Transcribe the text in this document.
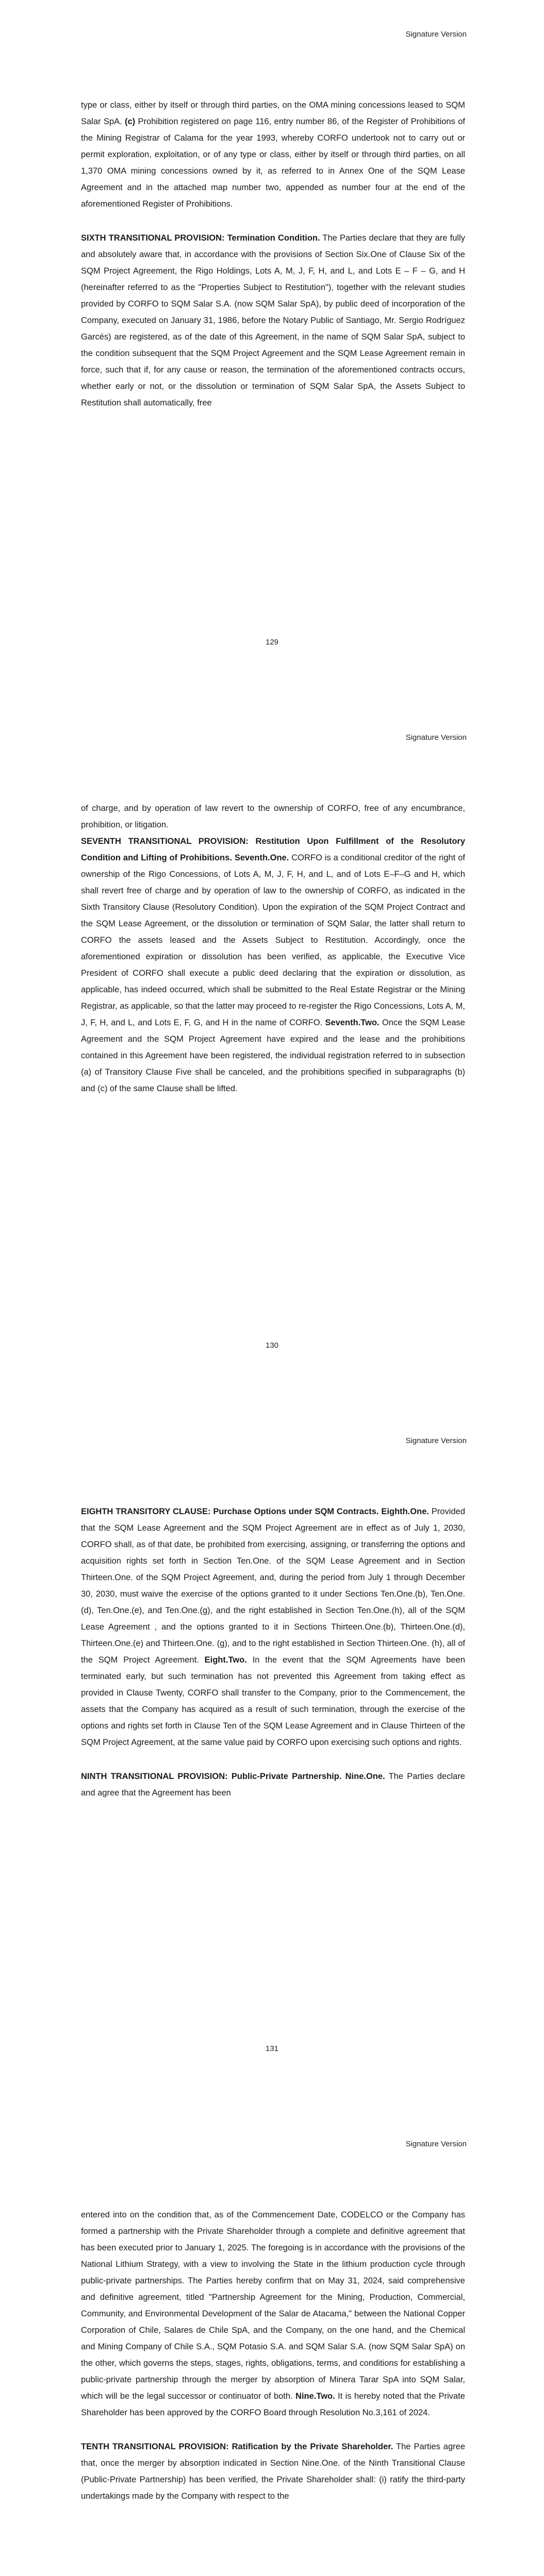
Signature Version

type or class, either by itself or through third parties, on the OMA mining concessions leased to SQM Salar SpA. (c) Prohibition registered on page 116, entry number 86, of the Register of Prohibitions of the Mining Registrar of Calama for the year 1993, whereby CORFO undertook not to carry out or permit exploration, exploitation, or of any type or class, either by itself or through third parties, on all 1,370 OMA mining concessions owned by it, as referred to in Annex One of the SQM Lease Agreement and in the attached map number two, appended as number four at the end of the aforementioned Register of Prohibitions.

SIXTH TRANSITIONAL PROVISION: Termination Condition. The Parties declare that they are fully and absolutely aware that, in accordance with the provisions of Section Six.One of Clause Six of the SQM Project Agreement, the Rigo Holdings, Lots A, M, J, F, H, and L, and Lots E – F – G, and H (hereinafter referred to as the "Properties Subject to Restitution"), together with the relevant studies provided by CORFO to SQM Salar S.A. (now SQM Salar SpA), by public deed of incorporation of the Company, executed on January 31, 1986, before the Notary Public of Santiago, Mr. Sergio Rodríguez Garcés) are registered, as of the date of this Agreement, in the name of SQM Salar SpA, subject to the condition subsequent that the SQM Project Agreement and the SQM Lease Agreement remain in force, such that if, for any cause or reason, the termination of the aforementioned contracts occurs, whether early or not, or the dissolution or termination of SQM Salar SpA, the Assets Subject to Restitution shall automatically, free

129
Signature Version

of charge, and by operation of law revert to the ownership of CORFO, free of any encumbrance, prohibition, or litigation.

SEVENTH TRANSITIONAL PROVISION: Restitution Upon Fulfillment of the Resolutory Condition and Lifting of Prohibitions. Seventh.One. CORFO is a conditional creditor of the right of ownership of the Rigo Concessions, of Lots A, M, J, F, H, and L, and of Lots E–F–G and H, which shall revert free of charge and by operation of law to the ownership of CORFO, as indicated in the Sixth Transitory Clause (Resolutory Condition). Upon the expiration of the SQM Project Contract and the SQM Lease Agreement, or the dissolution or termination of SQM Salar, the latter shall return to CORFO the assets leased and the Assets Subject to Restitution. Accordingly, once the aforementioned expiration or dissolution has been verified, as applicable, the Executive Vice President of CORFO shall execute a public deed declaring that the expiration or dissolution, as applicable, has indeed occurred, which shall be submitted to the Real Estate Registrar or the Mining Registrar, as applicable, so that the latter may proceed to re-register the Rigo Concessions, Lots A, M, J, F, H, and L, and Lots E, F, G, and H in the name of CORFO. Seventh.Two. Once the SQM Lease Agreement and the SQM Project Agreement have expired and the lease and the prohibitions contained in this Agreement have been registered, the individual registration referred to in subsection (a) of Transitory Clause Five shall be canceled, and the prohibitions specified in subparagraphs (b) and (c) of the same Clause shall be lifted.

130
Signature Version

EIGHTH TRANSITORY CLAUSE: Purchase Options under SQM Contracts. Eighth.One. Provided that the SQM Lease Agreement and the SQM Project Agreement are in effect as of July 1, 2030, CORFO shall, as of that date, be prohibited from exercising, assigning, or transferring the options and acquisition rights set forth in Section Ten.One. of the SQM Lease Agreement and in Section Thirteen.One. of the SQM Project Agreement, and, during the period from July 1 through December 30, 2030, must waive the exercise of the options granted to it under Sections Ten.One.(b), Ten.One.(d), Ten.One.(e), and Ten.One.(g), and the right established in Section Ten.One.(h), all of the SQM Lease Agreement , and the options granted to it in Sections Thirteen.One.(b), Thirteen.One.(d), Thirteen.One.(e) and Thirteen.One. (g), and to the right established in Section Thirteen.One. (h), all of the SQM Project Agreement. Eight.Two. In the event that the SQM Agreements have been terminated early, but such termination has not prevented this Agreement from taking effect as provided in Clause Twenty, CORFO shall transfer to the Company, prior to the Commencement, the assets that the Company has acquired as a result of such termination, through the exercise of the options and rights set forth in Clause Ten of the SQM Lease Agreement and in Clause Thirteen of the SQM Project Agreement, at the same value paid by CORFO upon exercising such options and rights.

NINTH TRANSITIONAL PROVISION: Public-Private Partnership. Nine.One. The Parties declare and agree that the Agreement has been

131
Signature Version

entered into on the condition that, as of the Commencement Date, CODELCO or the Company has formed a partnership with the Private Shareholder through a complete and definitive agreement that has been executed prior to January 1, 2025. The foregoing is in accordance with the provisions of the National Lithium Strategy, with a view to involving the State in the lithium production cycle through public-private partnerships. The Parties hereby confirm that on May 31, 2024, said comprehensive and definitive agreement, titled "Partnership Agreement for the Mining, Production, Commercial, Community, and Environmental Development of the Salar de Atacama," between the National Copper Corporation of Chile, Salares de Chile SpA, and the Company, on the one hand, and the Chemical and Mining Company of Chile S.A., SQM Potasio S.A. and SQM Salar S.A. (now SQM Salar SpA) on the other, which governs the steps, stages, rights, obligations, terms, and conditions for establishing a public-private partnership through the merger by absorption of Minera Tarar SpA into SQM Salar, which will be the legal successor or continuator of both. Nine.Two. It is hereby noted that the Private Shareholder has been approved by the CORFO Board through Resolution No.3,161 of 2024.

TENTH TRANSITIONAL PROVISION: Ratification by the Private Shareholder. The Parties agree that, once the merger by absorption indicated in Section Nine.One. of the Ninth Transitional Clause (Public-Private Partnership) has been verified, the Private Shareholder shall: (i) ratify the third-party undertakings made by the Company with respect to the
